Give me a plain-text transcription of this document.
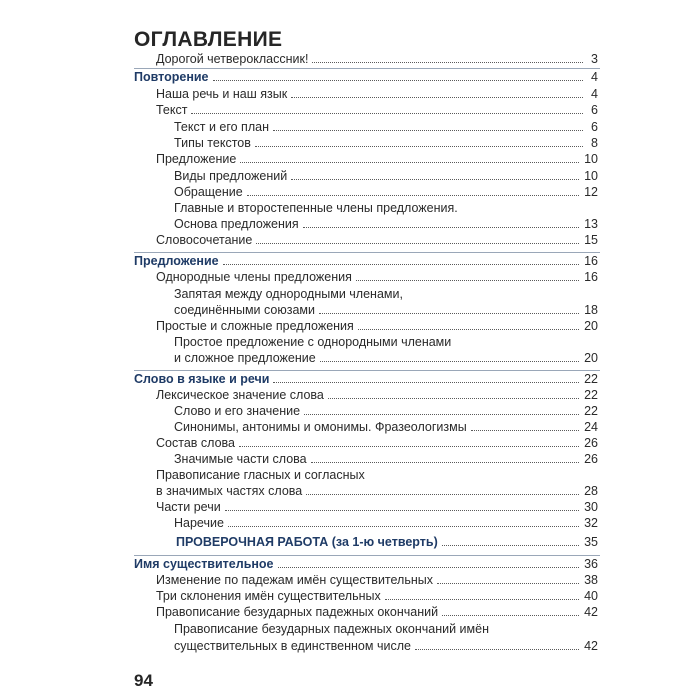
ОГЛАВЛЕНИЕ
Дорогой четвероклассник!	3
Повторение	4
Наша речь и наш язык	4
Текст	6
Текст и его план	6
Типы текстов	8
Предложение	10
Виды предложений	10
Обращение	12
Главные и второстепенные члены предложения.
Основа предложения	13
Словосочетание	15
Предложение	16
Однородные члены предложения	16
Запятая между однородными членами,
соединёнными союзами	18
Простые и сложные предложения	20
Простое предложение с однородными членами
и сложное предложение	20
Слово в языке и речи	22
Лексическое значение слова	22
Слово и его значение	22
Синонимы, антонимы и омонимы. Фразеологизмы	24
Состав слова	26
Значимые части слова	26
Правописание гласных и согласных
в значимых частях слова	28
Части речи	30
Наречие	32
ПРОВЕРОЧНАЯ РАБОТА (за 1-ю четверть)	35
Имя существительное	36
Изменение по падежам имён существительных	38
Три склонения имён существительных	40
Правописание безударных падежных окончаний	42
Правописание безударных падежных окончаний имён
существительных в единственном числе	42
94
